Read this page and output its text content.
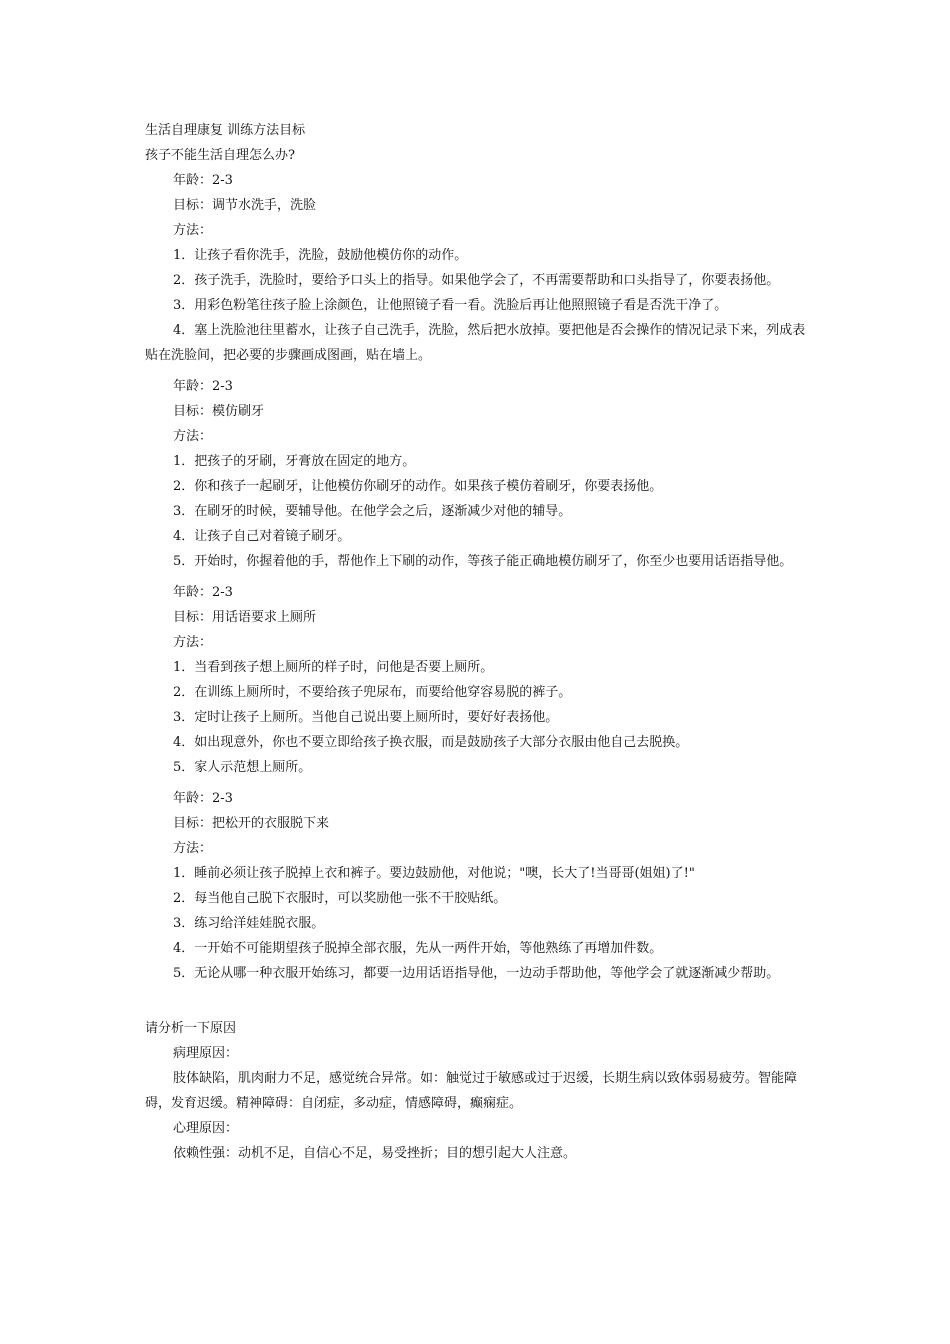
生活自理康复 训练方法目标

孩子不能生活自理怎么办?

年龄：2-3

目标：调节水洗手，洗脸

方法：

1．让孩子看你洗手，洗脸，鼓励他模仿你的动作。

2．孩子洗手，洗脸时，要给予口头上的指导。如果他学会了，不再需要帮助和口头指导了，你要表扬他。

3．用彩色粉笔往孩子脸上涂颜色，让他照镜子看一看。洗脸后再让他照照镜子看是否洗干净了。

4．塞上洗脸池往里蓄水，让孩子自己洗手，洗脸，然后把水放掉。要把他是否会操作的情况记录下来，列成表贴在洗脸间，把必要的步骤画成图画，贴在墙上。

年龄：2-3

目标：模仿刷牙

方法：

1．把孩子的牙刷，牙膏放在固定的地方。

2．你和孩子一起刷牙，让他模仿你刷牙的动作。如果孩子模仿着刷牙，你要表扬他。

3．在刷牙的时候，要辅导他。在他学会之后，逐渐减少对他的辅导。

4．让孩子自己对着镜子刷牙。

5．开始时，你握着他的手，帮他作上下刷的动作，等孩子能正确地模仿刷牙了，你至少也要用话语指导他。

年龄：2-3

目标：用话语要求上厕所

方法：

1．当看到孩子想上厕所的样子时，问他是否要上厕所。

2．在训练上厕所时，不要给孩子兜尿布，而要给他穿容易脱的裤子。

3．定时让孩子上厕所。当他自己说出要上厕所时，要好好表扬他。

4．如出现意外，你也不要立即给孩子换衣服，而是鼓励孩子大部分衣服由他自己去脱换。

5．家人示范想上厕所。

年龄：2-3

目标：把松开的衣服脱下来

方法：

1．睡前必须让孩子脱掉上衣和裤子。要边鼓励他，对他说；"噢，长大了!当哥哥(姐姐)了!"

2．每当他自己脱下衣服时，可以奖励他一张不干胶贴纸。

3．练习给洋娃娃脱衣服。

4．一开始不可能期望孩子脱掉全部衣服，先从一两件开始，等他熟练了再增加件数。

5．无论从哪一种衣服开始练习，都要一边用话语指导他，一边动手帮助他，等他学会了就逐渐减少帮助。

请分析一下原因

病理原因：

肢体缺陷，肌肉耐力不足，感觉统合异常。如：触觉过于敏感或过于迟缓，长期生病以致体弱易疲劳。智能障碍，发育迟缓。精神障碍：自闭症，多动症，情感障碍，癫痫症。

心理原因：

依赖性强：动机不足，自信心不足，易受挫折；目的想引起大人注意。
